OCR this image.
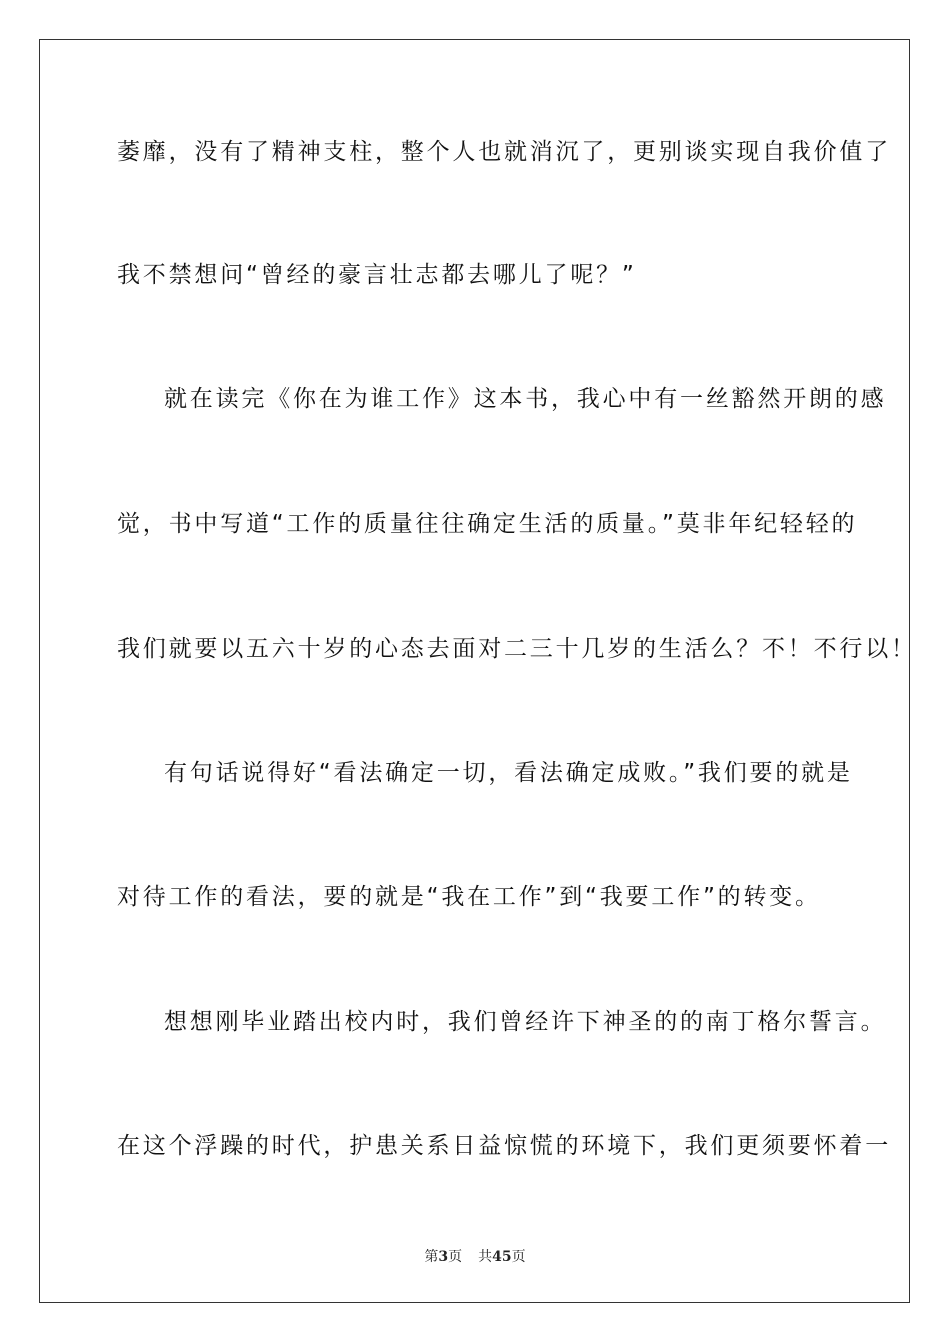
萎靡，没有了精神支柱，整个人也就消沉了，更别谈实现自我价值了
我不禁想问“曾经的豪言壮志都去哪儿了呢？”
就在读完《你在为谁工作》这本书，我心中有一丝豁然开朗的感
觉，书中写道“工作的质量往往确定生活的质量。”莫非年纪轻轻的
我们就要以五六十岁的心态去面对二三十几岁的生活么？不！不行以！
有句话说得好“看法确定一切，看法确定成败。”我们要的就是
对待工作的看法，要的就是“我在工作”到“我要工作”的转变。
想想刚毕业踏出校内时，我们曾经许下神圣的的南丁格尔誓言。
在这个浮躁的时代，护患关系日益惊慌的环境下，我们更须要怀着一
第3页 共45页
